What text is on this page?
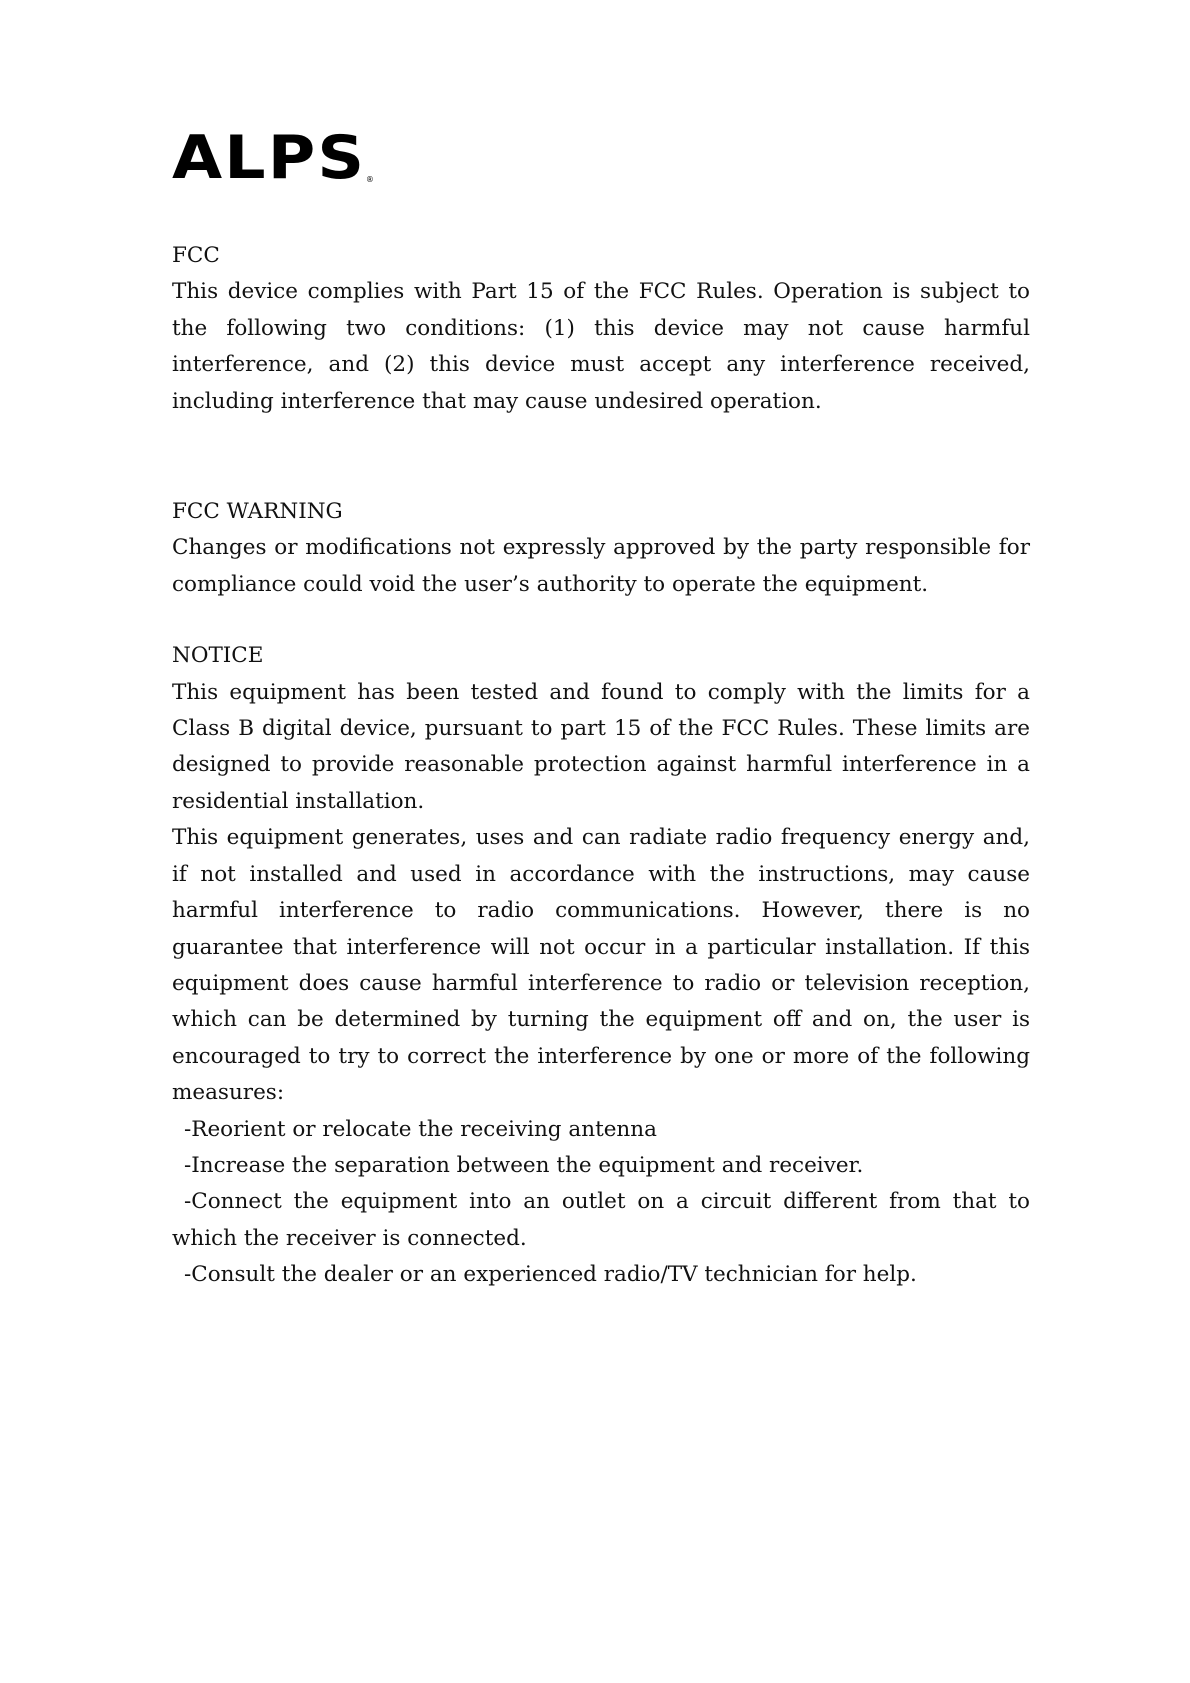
ALPS ®
FCC

This device complies with Part 15 of the FCC Rules. Operation is subject to the following two conditions: (1) this device may not cause harmful interference, and (2) this device must accept any interference received, including interference that may cause undesired operation.

FCC WARNING

Changes or modifications not expressly approved by the party responsible for compliance could void the user’s authority to operate the equipment.

NOTICE

This equipment has been tested and found to comply with the limits for a Class B digital device, pursuant to part 15 of the FCC Rules. These limits are designed to provide reasonable protection against harmful interference in a residential installation.

This equipment generates, uses and can radiate radio frequency energy and, if not installed and used in accordance with the instructions, may cause harmful interference to radio communications. However, there is no guarantee that interference will not occur in a particular installation. If this equipment does cause harmful interference to radio or television reception, which can be determined by turning the equipment off and on, the user is encouraged to try to correct the interference by one or more of the following measures:

-Reorient or relocate the receiving antenna

-Increase the separation between the equipment and receiver.

-Connect the equipment into an outlet on a circuit different from that to which the receiver is connected.

-Consult the dealer or an experienced radio/TV technician for help.
